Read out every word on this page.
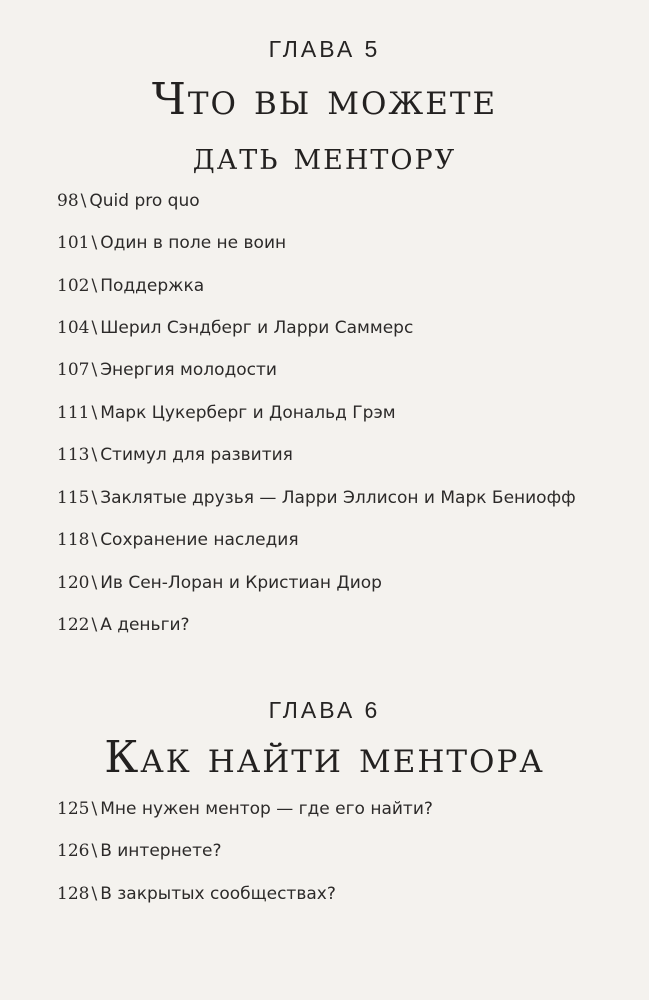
ГЛАВА 5
Что вы можете
дать ментору
98 \ Quid pro quo
101 \ Один в поле не воин
102 \ Поддержка
104 \ Шерил Сэндберг и Ларри Саммерс
107 \ Энергия молодости
111 \ Марк Цукерберг и Дональд Грэм
113 \ Стимул для развития
115 \ Заклятые друзья — Ларри Эллисон и Марк Бениофф
118 \ Сохранение наследия
120 \ Ив Сен-Лоран и Кристиан Диор
122 \ А деньги?
ГЛАВА 6
Как найти ментора
125 \ Мне нужен ментор — где его найти?
126 \ В интернете?
128 \ В закрытых сообществах?
